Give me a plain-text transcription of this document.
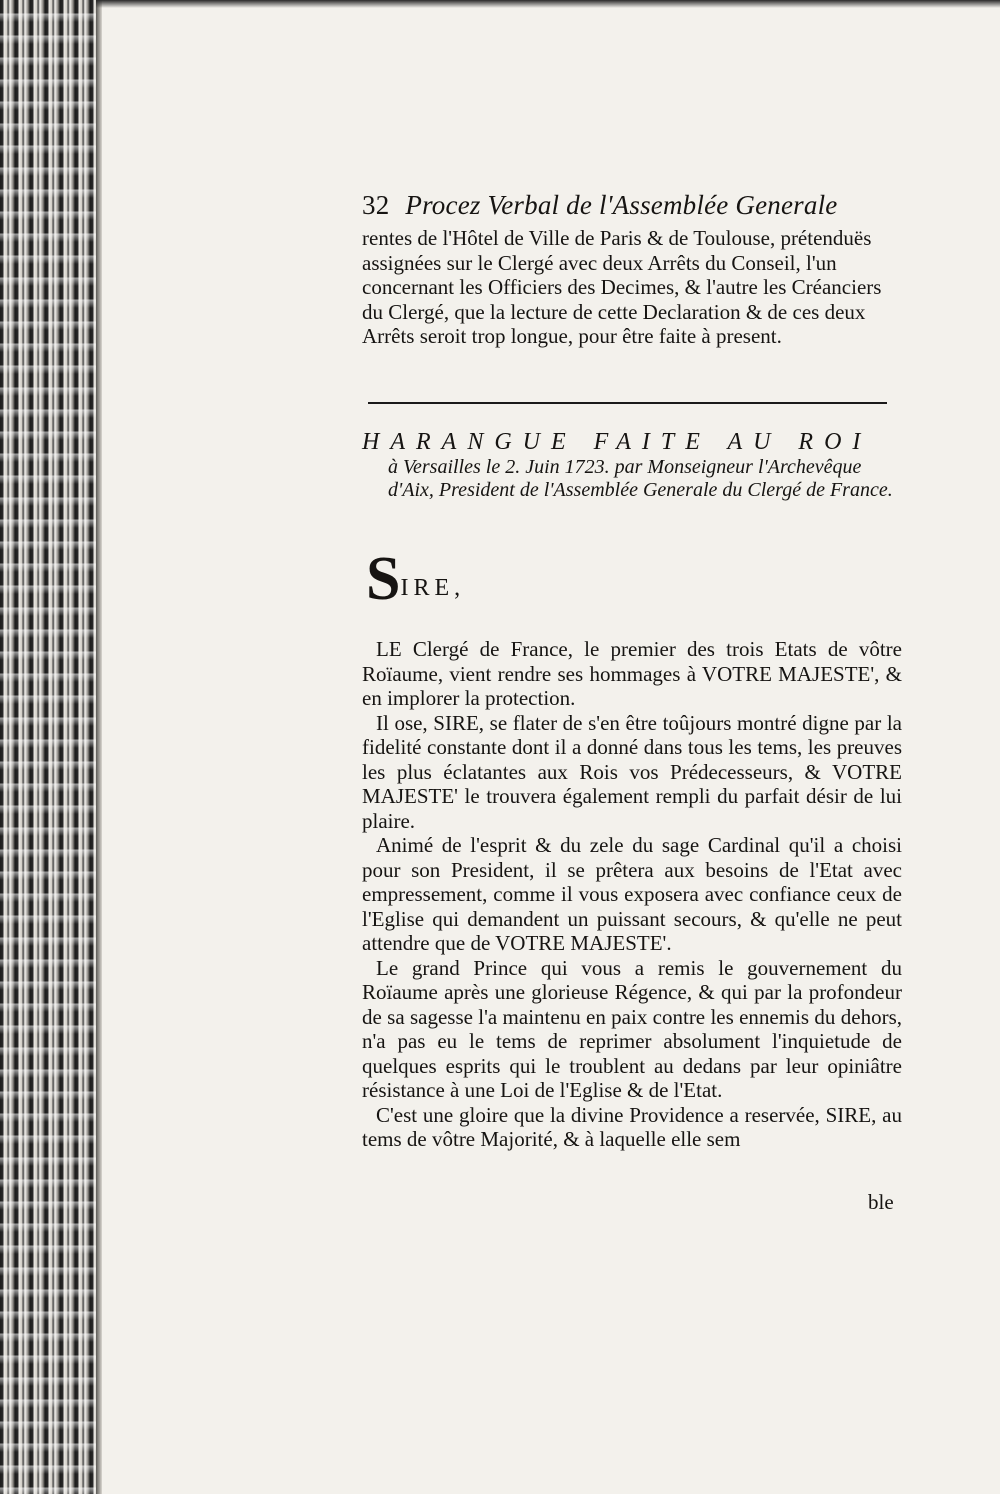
32 Procez Verbal de l'Assemblée Generale

rentes de l'Hôtel de Ville de Paris & de Toulouse, prétenduës assignées sur le Clergé avec deux Arrêts du Conseil, l'un concernant les Officiers des Decimes, & l'autre les Créanciers du Clergé, que la lecture de cette Declaration & de ces deux Arrêts seroit trop longue, pour être faite à present.

HARANGUE FAITE AU ROI
à Versailles le 2. Juin 1723. par Monseigneur l'Archevêque d'Aix, President de l'Assemblée Generale du Clergé de France.
SIRE,

LE Clergé de France, le premier des trois Etats de vôtre Roïaume, vient rendre ses hommages à VOTRE MAJESTE', & en implorer la protection.

Il ose, SIRE, se flater de s'en être toûjours montré digne par la fidelité constante dont il a donné dans tous les tems, les preuves les plus éclatantes aux Rois vos Prédecesseurs, & VOTRE MAJESTE' le trouvera également rempli du parfait désir de lui plaire.

Animé de l'esprit & du zele du sage Cardinal qu'il a choisi pour son President, il se prêtera aux besoins de l'Etat avec empressement, comme il vous exposera avec confiance ceux de l'Eglise qui demandent un puissant secours, & qu'elle ne peut attendre que de VOTRE MAJESTE'.

Le grand Prince qui vous a remis le gouvernement du Roïaume après une glorieuse Régence, & qui par la profondeur de sa sagesse l'a maintenu en paix contre les ennemis du dehors, n'a pas eu le tems de reprimer absolument l'inquietude de quelques esprits qui le troublent au dedans par leur opiniâtre résistance à une Loi de l'Eglise & de l'Etat.

C'est une gloire que la divine Providence a reservée, SIRE, au tems de vôtre Majorité, & à laquelle elle sem

ble
